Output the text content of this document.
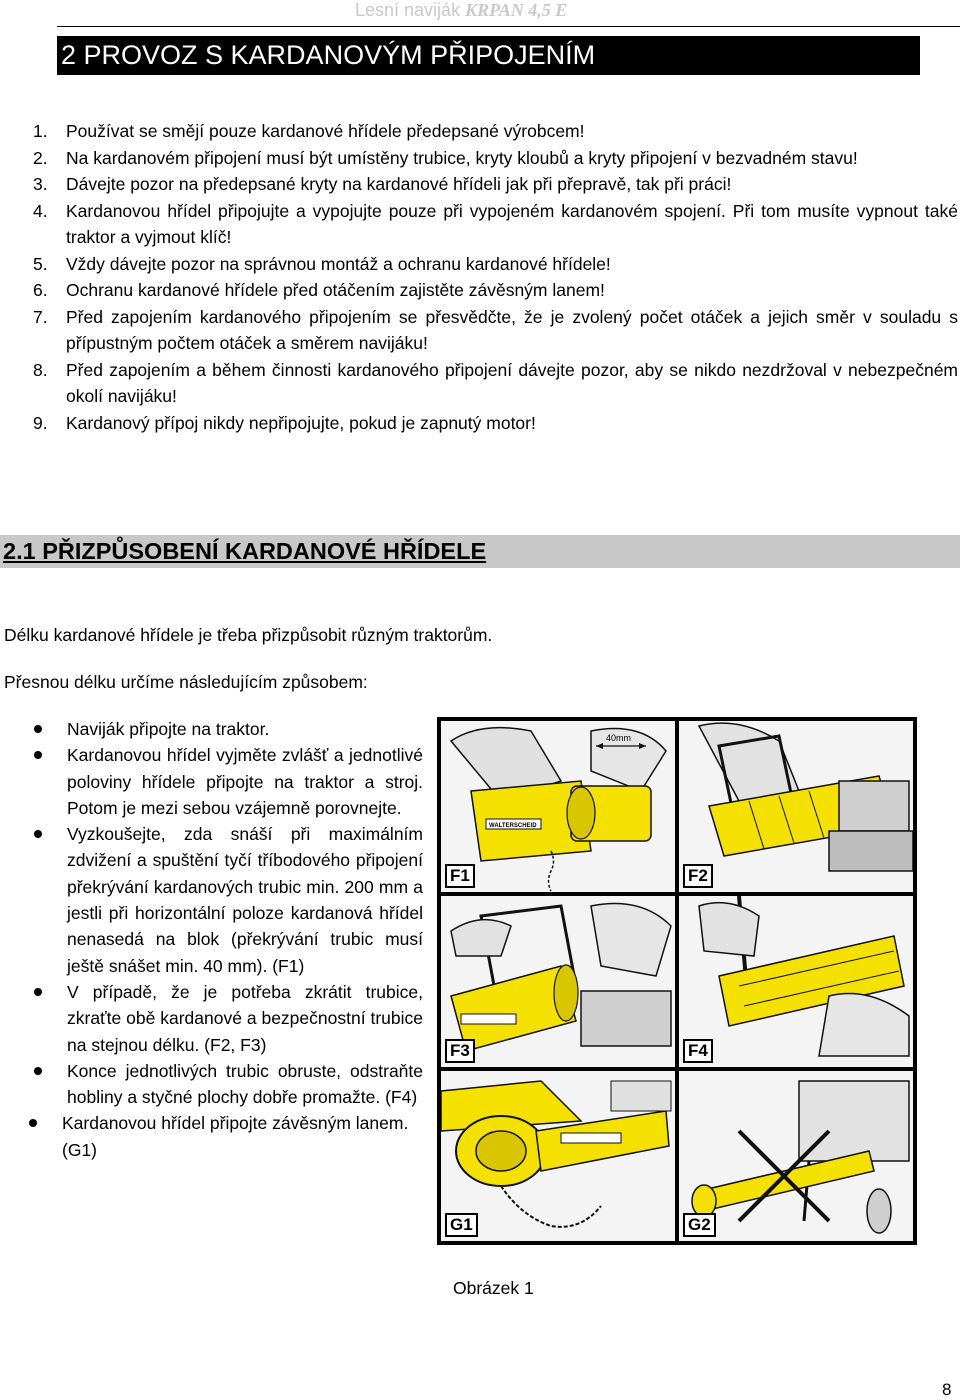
Lesní naviják KRPAN 4,5 E
2 PROVOZ S KARDANOVÝM PŘIPOJENÍM
1. Používat se smějí pouze kardanové hřídele předepsané výrobcem!
2. Na kardanovém připojení musí být umístěny trubice, kryty kloubů a kryty připojení v bezvadném stavu!
3. Dávejte pozor na předepsané kryty na kardanové hřídeli jak při přepravě, tak při práci!
4. Kardanovou hřídel připojujte a vypojujte pouze při vypojeném kardanovém spojení. Při tom musíte vypnout také traktor a vyjmout klíč!
5. Vždy dávejte pozor na správnou montáž a ochranu kardanové hřídele!
6. Ochranu kardanové hřídele před otáčením zajistěte závěsným lanem!
7. Před zapojením kardanového připojením se přesvědčte, že je zvolený počet otáček a jejich směr v souladu s přípustným počtem otáček a směrem navijáku!
8. Před zapojením a během činnosti kardanového připojení dávejte pozor, aby se nikdo nezdržoval v nebezpečném okolí navijáku!
9. Kardanový přípoj nikdy nepřipojujte, pokud je zapnutý motor!
2.1 PŘIZPŮSOBENÍ KARDANOVÉ HŘÍDELE
Délku kardanové hřídele je třeba přizpůsobit různým traktorům.
Přesnou délku určíme následujícím způsobem:
Naviják připojte na traktor.
Kardanovou hřídel vyjměte zvlášť a jednotlivé poloviny hřídele připojte na traktor a stroj. Potom je mezi sebou vzájemně porovnejte.
Vyzkoušejte, zda snáší při maximálním zdvižení a spuštění tyčí tříbodového připojení překrývání kardanových trubic min. 200 mm a jestli při horizontální poloze kardanová hřídel nenasedá na blok (překrývání trubic musí ještě snášet min. 40 mm). (F1)
V případě, že je potřeba zkrátit trubice, zkraťte obě kardanové a bezpečnostní trubice na stejnou délku. (F2, F3)
Konce jednotlivých trubic obruste, odstraňte hobliny a styčné plochy dobře promažte. (F4)
Kardanovou hřídel připojte závěsným lanem. (G1)
40mm
WALTERSCHEID
F1	F2
F3	F4
G1	G2
Obrázek 1
8
